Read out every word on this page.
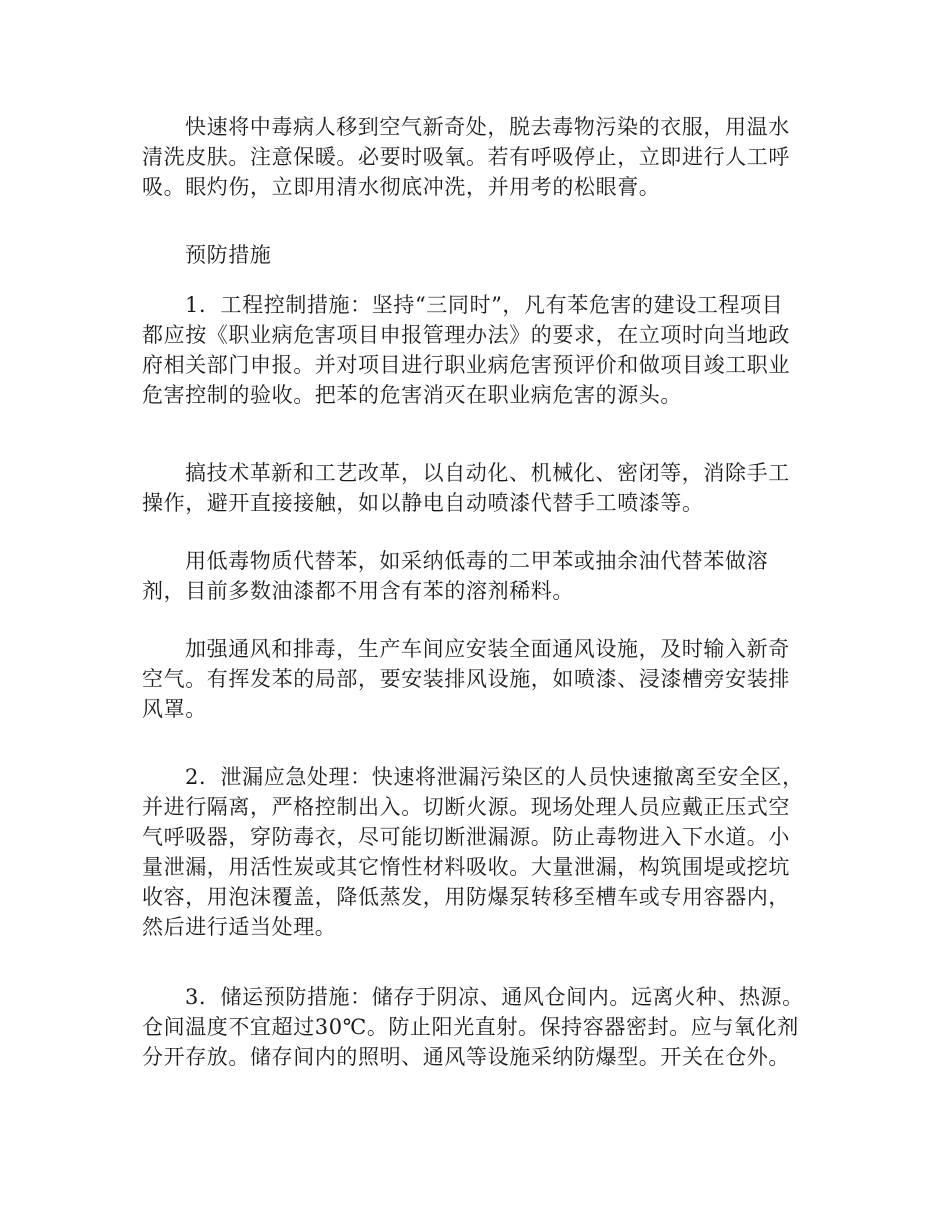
快速将中毒病人移到空气新奇处，脱去毒物污染的衣服，用温水
清洗皮肤。注意保暖。必要时吸氧。若有呼吸停止，立即进行人工呼
吸。眼灼伤，立即用清水彻底冲洗，并用考的松眼膏。

预防措施

1．工程控制措施：坚持“三同时”，凡有苯危害的建设工程项目
都应按《职业病危害项目申报管理办法》的要求，在立项时向当地政
府相关部门申报。并对项目进行职业病危害预评价和做项目竣工职业
危害控制的验收。把苯的危害消灭在职业病危害的源头。

搞技术革新和工艺改革，以自动化、机械化、密闭等，消除手工
操作，避开直接接触，如以静电自动喷漆代替手工喷漆等。

用低毒物质代替苯，如采纳低毒的二甲苯或抽余油代替苯做溶
剂，目前多数油漆都不用含有苯的溶剂稀料。

加强通风和排毒，生产车间应安装全面通风设施，及时输入新奇
空气。有挥发苯的局部，要安装排风设施，如喷漆、浸漆槽旁安装排
风罩。

2．泄漏应急处理：快速将泄漏污染区的人员快速撤离至安全区，
并进行隔离，严格控制出入。切断火源。现场处理人员应戴正压式空
气呼吸器，穿防毒衣，尽可能切断泄漏源。防止毒物进入下水道。小
量泄漏，用活性炭或其它惰性材料吸收。大量泄漏，构筑围堤或挖坑
收容，用泡沫覆盖，降低蒸发，用防爆泵转移至槽车或专用容器内，
然后进行适当处理。

3．储运预防措施：储存于阴凉、通风仓间内。远离火种、热源。
仓间温度不宜超过30℃。防止阳光直射。保持容器密封。应与氧化剂
分开存放。储存间内的照明、通风等设施采纳防爆型。开关在仓外。
